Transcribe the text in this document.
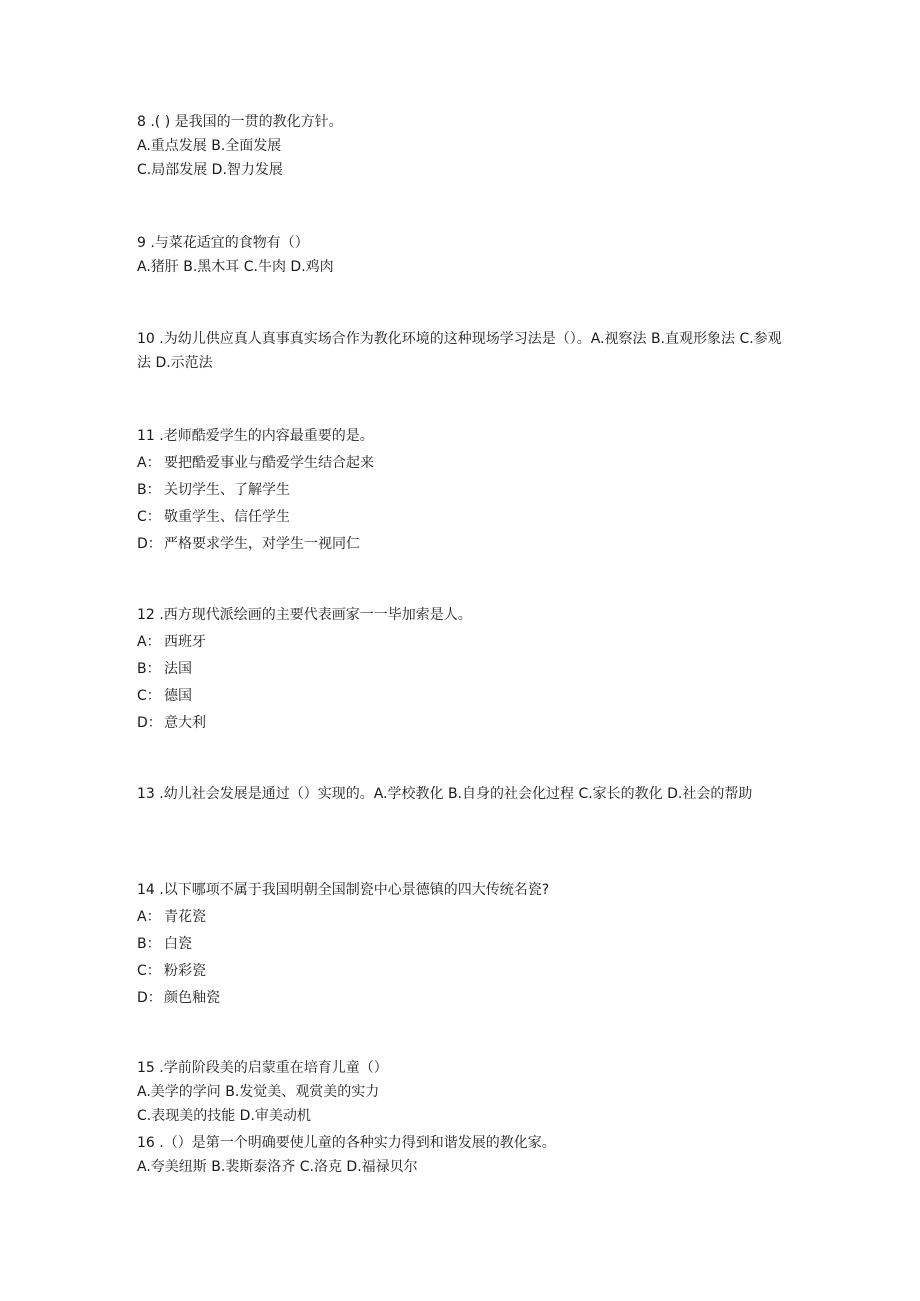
8 .( ) 是我国的一贯的教化方针。
A.重点发展 B.全面发展
C.局部发展 D.智力发展
9 .与菜花适宜的食物有（）
A.猪肝 B.黑木耳 C.牛肉 D.鸡肉
10 .为幼儿供应真人真事真实场合作为教化环境的这种现场学习法是（）。A.视察法 B.直观形象法 C.参观法 D.示范法
11 .老师酷爱学生的内容最重要的是。
A： 要把酷爱事业与酷爱学生结合起来
B： 关切学生、了解学生
C： 敬重学生、信任学生
D： 严格要求学生，对学生一视同仁
12 .西方现代派绘画的主要代表画家一一毕加索是人。
A： 西班牙
B： 法国
C： 德国
D： 意大利
13 .幼儿社会发展是通过（）实现的。A.学校教化 B.自身的社会化过程 C.家长的教化 D.社会的帮助
14 .以下哪项不属于我国明朝全国制瓷中心景德镇的四大传统名瓷?
A： 青花瓷
B： 白瓷
C： 粉彩瓷
D： 颜色釉瓷
15 .学前阶段美的启蒙重在培育儿童（）
A.美学的学问 B.发觉美、观赏美的实力
C.表现美的技能 D.审美动机
16 .（）是第一个明确要使儿童的各种实力得到和谐发展的教化家。
A.夸美纽斯 B.裴斯泰洛齐 C.洛克 D.福禄贝尔
